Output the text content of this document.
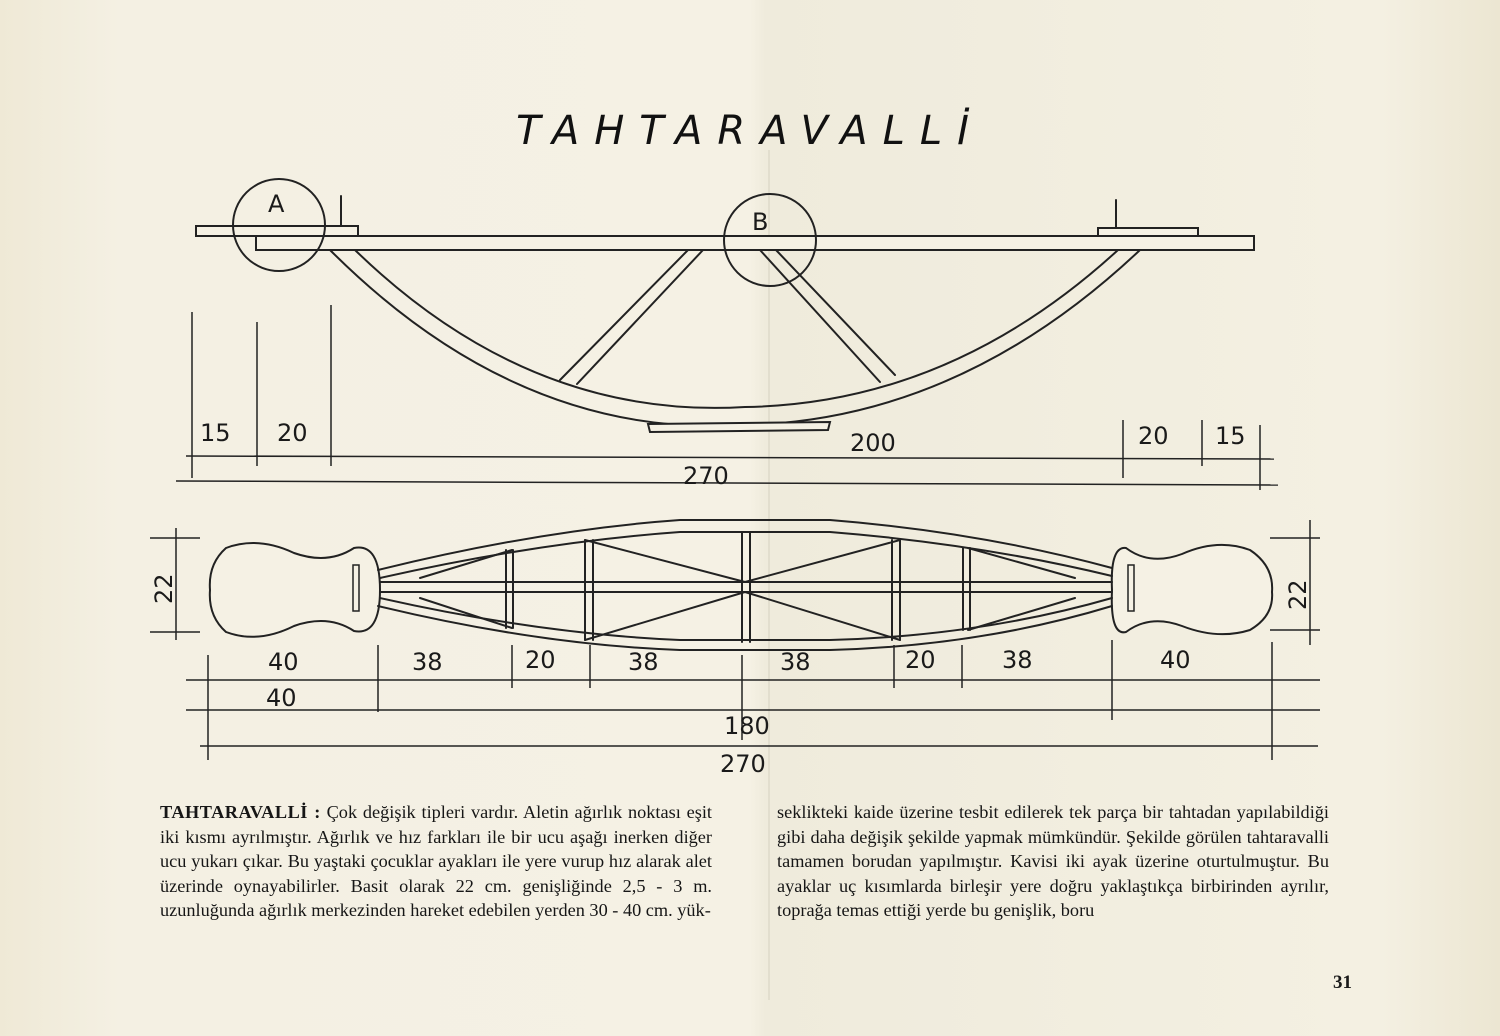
TAHTARAVALLİ
A
B
15 20	200	20 15
270
22	22
40	38	20	38	38	20	38	40
40
180
270

TAHTARAVALLİ : Çok değişik tipleri vardır. Aletin ağırlık noktası eşit iki kısmı ayrılmıştır. Ağırlık ve hız farkları ile bir ucu aşağı inerken diğer ucu yukarı çıkar. Bu yaştaki çocuklar ayakları ile yere vurup hız alarak alet üzerinde oynayabilirler. Basit olarak 22 cm. genişliğinde 2,5 - 3 m. uzunluğunda ağırlık merkezinden hareket edebilen yerden 30 - 40 cm. yük-

seklikteki kaide üzerine tesbit edilerek tek parça bir tahtadan yapılabildiği gibi daha değişik şekilde yapmak mümkündür. Şekilde görülen tahtaravalli tamamen borudan yapılmıştır. Kavisi iki ayak üzerine oturtulmuştur. Bu ayaklar uç kısımlarda birleşir yere doğru yaklaştıkça birbirinden ayrılır, toprağa temas ettiği yerde bu genişlik, boru

31
